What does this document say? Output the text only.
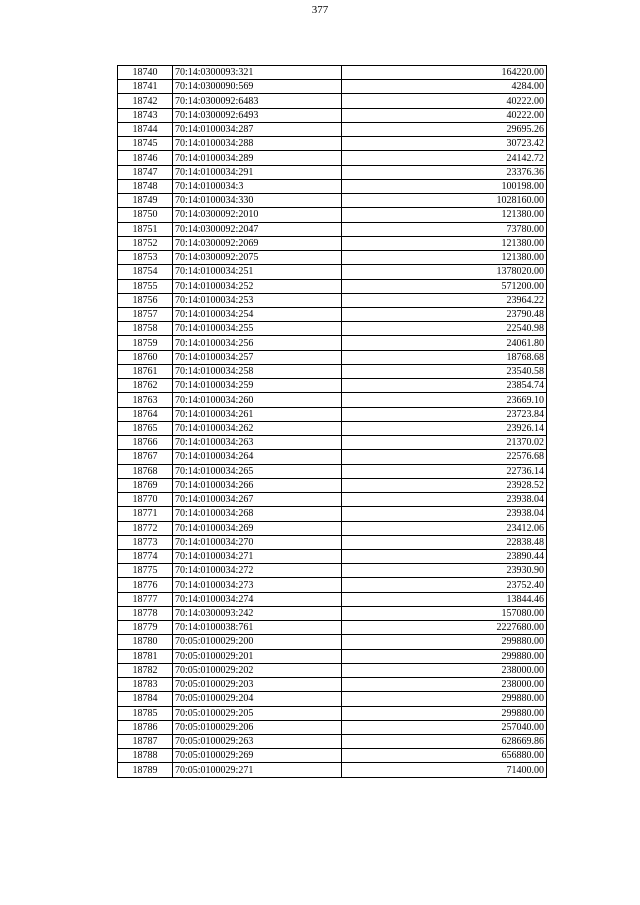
377
18740	70:14:0300093:321	164220.00
18741	70:14:0300090:569	4284.00
18742	70:14:0300092:6483	40222.00
18743	70:14:0300092:6493	40222.00
18744	70:14:0100034:287	29695.26
18745	70:14:0100034:288	30723.42
18746	70:14:0100034:289	24142.72
18747	70:14:0100034:291	23376.36
18748	70:14:0100034:3	100198.00
18749	70:14:0100034:330	1028160.00
18750	70:14:0300092:2010	121380.00
18751	70:14:0300092:2047	73780.00
18752	70:14:0300092:2069	121380.00
18753	70:14:0300092:2075	121380.00
18754	70:14:0100034:251	1378020.00
18755	70:14:0100034:252	571200.00
18756	70:14:0100034:253	23964.22
18757	70:14:0100034:254	23790.48
18758	70:14:0100034:255	22540.98
18759	70:14:0100034:256	24061.80
18760	70:14:0100034:257	18768.68
18761	70:14:0100034:258	23540.58
18762	70:14:0100034:259	23854.74
18763	70:14:0100034:260	23669.10
18764	70:14:0100034:261	23723.84
18765	70:14:0100034:262	23926.14
18766	70:14:0100034:263	21370.02
18767	70:14:0100034:264	22576.68
18768	70:14:0100034:265	22736.14
18769	70:14:0100034:266	23928.52
18770	70:14:0100034:267	23938.04
18771	70:14:0100034:268	23938.04
18772	70:14:0100034:269	23412.06
18773	70:14:0100034:270	22838.48
18774	70:14:0100034:271	23890.44
18775	70:14:0100034:272	23930.90
18776	70:14:0100034:273	23752.40
18777	70:14:0100034:274	13844.46
18778	70:14:0300093:242	157080.00
18779	70:14:0100038:761	2227680.00
18780	70:05:0100029:200	299880.00
18781	70:05:0100029:201	299880.00
18782	70:05:0100029:202	238000.00
18783	70:05:0100029:203	238000.00
18784	70:05:0100029:204	299880.00
18785	70:05:0100029:205	299880.00
18786	70:05:0100029:206	257040.00
18787	70:05:0100029:263	628669.86
18788	70:05:0100029:269	656880.00
18789	70:05:0100029:271	71400.00
